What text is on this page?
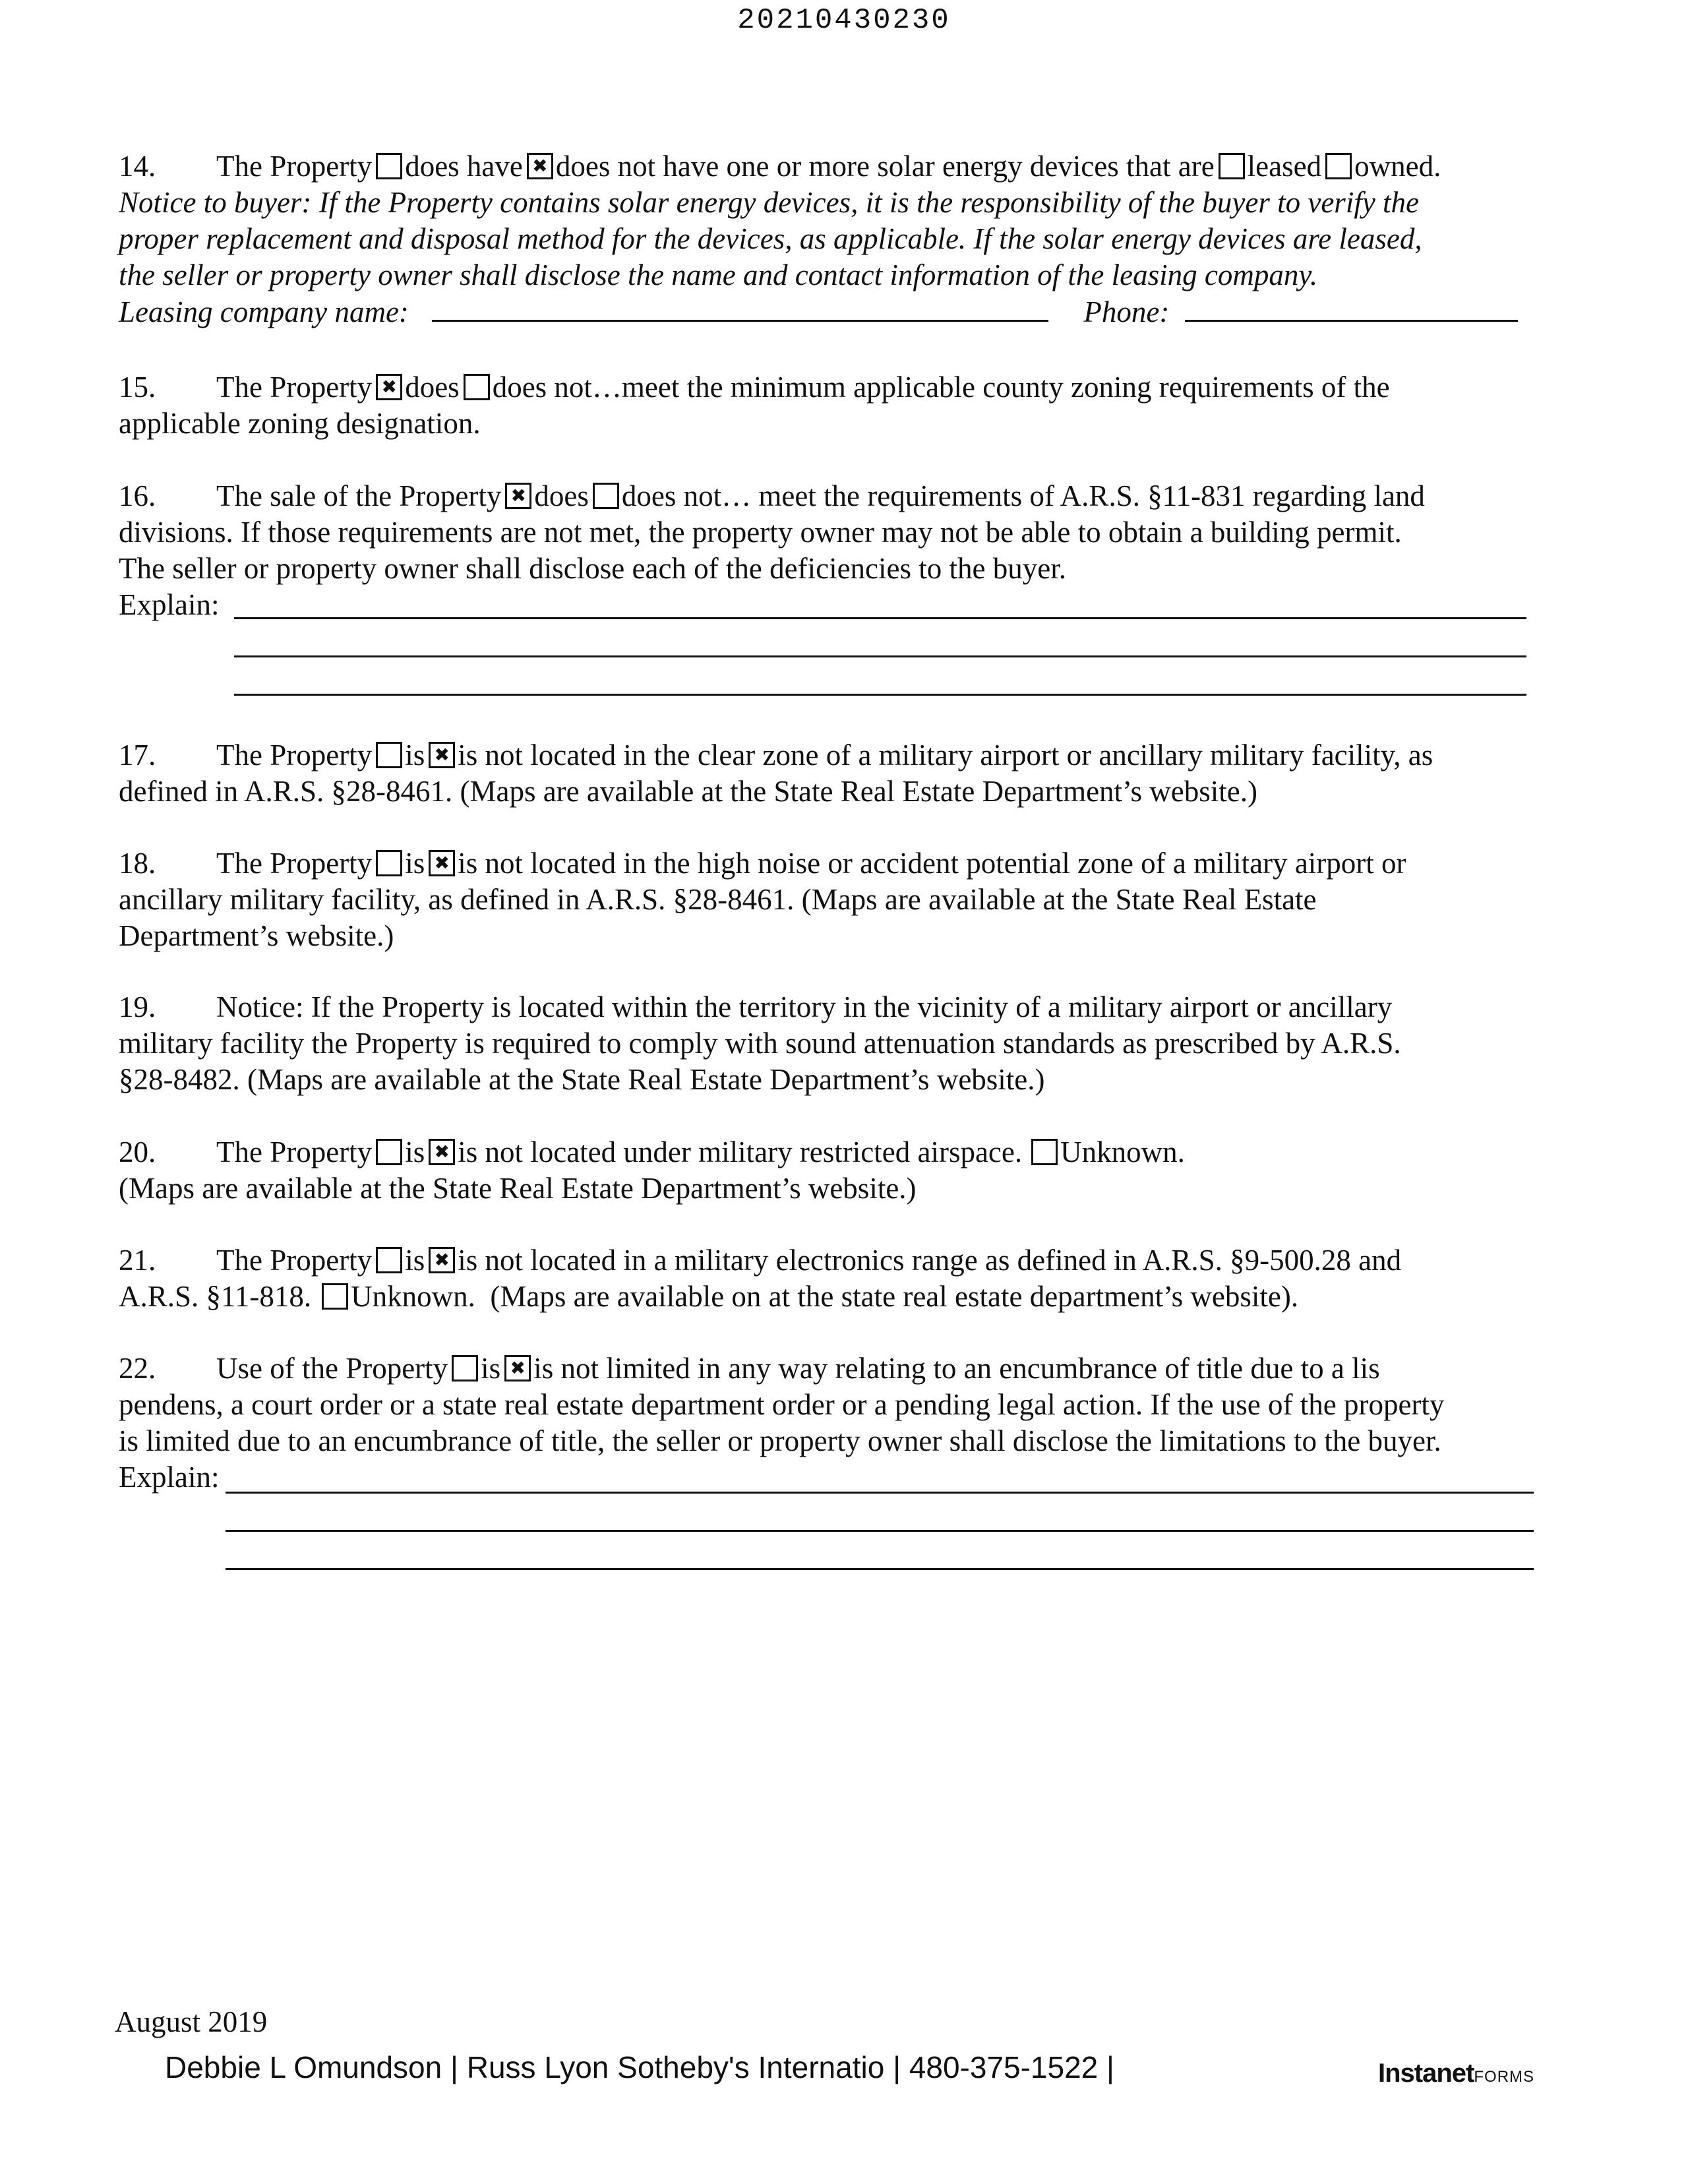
20210430230
14. The Property does have ✖ does not have one or more solar energy devices that are leased owned.
Notice to buyer: If the Property contains solar energy devices, it is the responsibility of the buyer to verify the
proper replacement and disposal method for the devices, as applicable. If the solar energy devices are leased,
the seller or property owner shall disclose the name and contact information of the leasing company.
Leasing company name:	Phone:
15. The Property ✖ does does not…meet the minimum applicable county zoning requirements of the
applicable zoning designation.
16. The sale of the Property ✖ does does not… meet the requirements of A.R.S. §11-831 regarding land
divisions. If those requirements are not met, the property owner may not be able to obtain a building permit.
The seller or property owner shall disclose each of the deficiencies to the buyer.
Explain:
17. The Property is ✖ is not located in the clear zone of a military airport or ancillary military facility, as
defined in A.R.S. §28-8461. (Maps are available at the State Real Estate Department’s website.)
18. The Property is ✖ is not located in the high noise or accident potential zone of a military airport or
ancillary military facility, as defined in A.R.S. §28-8461. (Maps are available at the State Real Estate
Department’s website.)
19. Notice: If the Property is located within the territory in the vicinity of a military airport or ancillary
military facility the Property is required to comply with sound attenuation standards as prescribed by A.R.S.
§28-8482. (Maps are available at the State Real Estate Department’s website.)
20. The Property is ✖ is not located under military restricted airspace. Unknown.
(Maps are available at the State Real Estate Department’s website.)
21. The Property is ✖ is not located in a military electronics range as defined in A.R.S. §9-500.28 and
A.R.S. §11-818. Unknown. (Maps are available on at the state real estate department’s website).
22. Use of the Property is ✖ is not limited in any way relating to an encumbrance of title due to a lis
pendens, a court order or a state real estate department order or a pending legal action. If the use of the property
is limited due to an encumbrance of title, the seller or property owner shall disclose the limitations to the buyer.
Explain:
August 2019
Debbie L Omundson | Russ Lyon Sotheby's Internatio | 480-375-1522 |	InstanetFORMS
